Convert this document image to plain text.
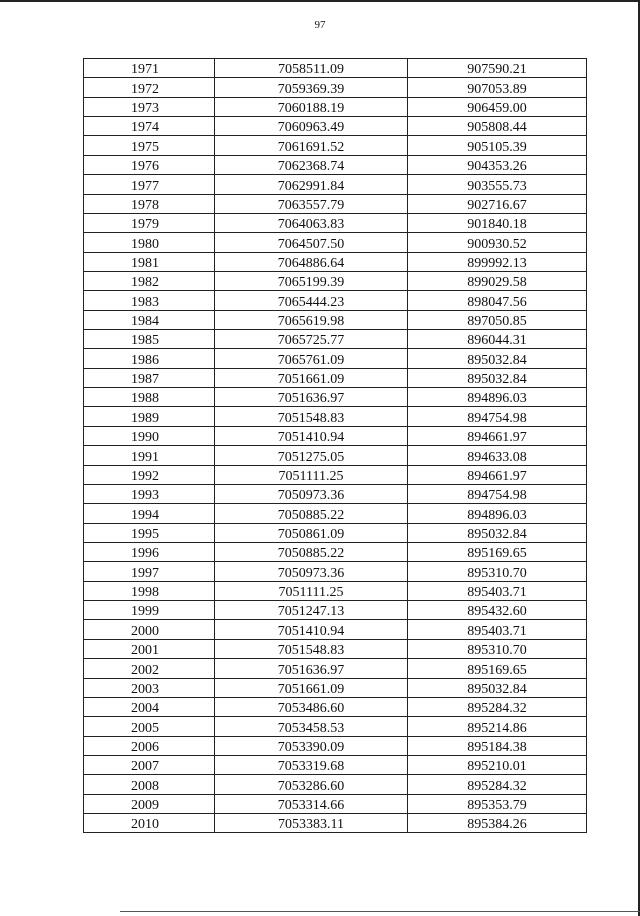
97
1971	7058511.09	907590.21
1972	7059369.39	907053.89
1973	7060188.19	906459.00
1974	7060963.49	905808.44
1975	7061691.52	905105.39
1976	7062368.74	904353.26
1977	7062991.84	903555.73
1978	7063557.79	902716.67
1979	7064063.83	901840.18
1980	7064507.50	900930.52
1981	7064886.64	899992.13
1982	7065199.39	899029.58
1983	7065444.23	898047.56
1984	7065619.98	897050.85
1985	7065725.77	896044.31
1986	7065761.09	895032.84
1987	7051661.09	895032.84
1988	7051636.97	894896.03
1989	7051548.83	894754.98
1990	7051410.94	894661.97
1991	7051275.05	894633.08
1992	7051111.25	894661.97
1993	7050973.36	894754.98
1994	7050885.22	894896.03
1995	7050861.09	895032.84
1996	7050885.22	895169.65
1997	7050973.36	895310.70
1998	7051111.25	895403.71
1999	7051247.13	895432.60
2000	7051410.94	895403.71
2001	7051548.83	895310.70
2002	7051636.97	895169.65
2003	7051661.09	895032.84
2004	7053486.60	895284.32
2005	7053458.53	895214.86
2006	7053390.09	895184.38
2007	7053319.68	895210.01
2008	7053286.60	895284.32
2009	7053314.66	895353.79
2010	7053383.11	895384.26
